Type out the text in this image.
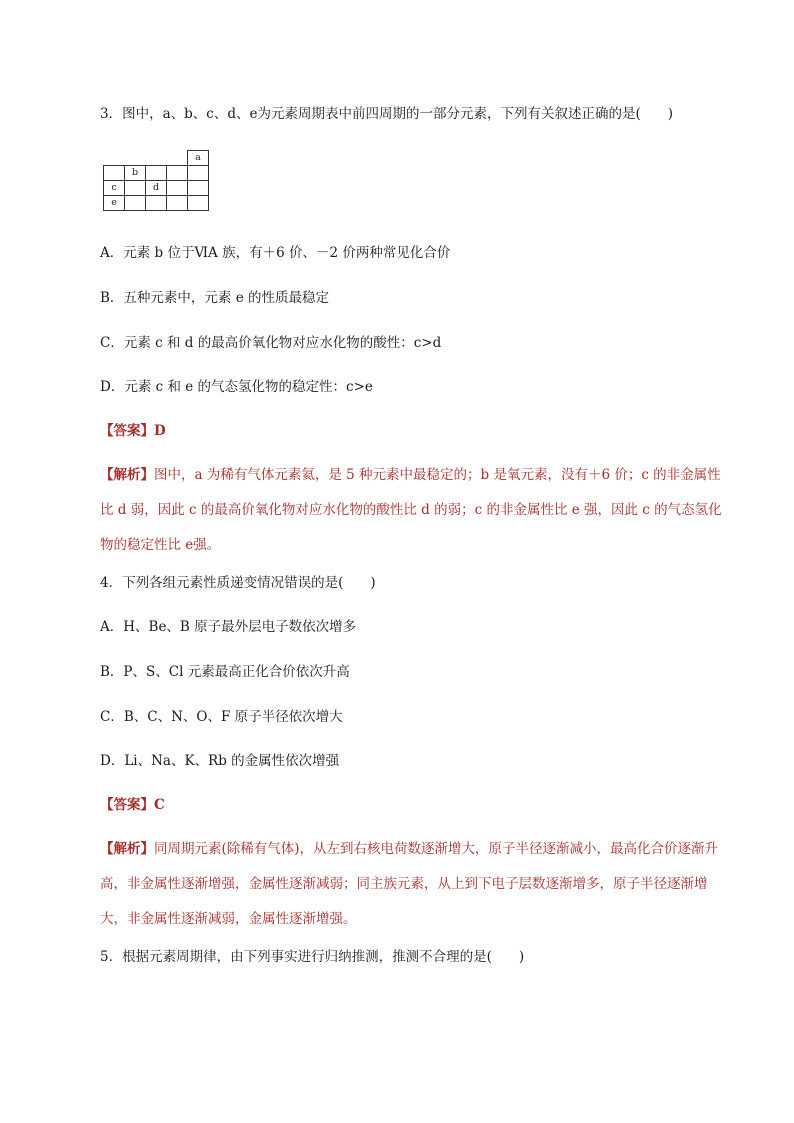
3．图中，a、b、c、d、e为元素周期表中前四周期的一部分元素，下列有关叙述正确的是(　　)
				a
	b			
c		d		
e				
A．元素 b 位于ⅥA 族，有＋6 价、－2 价两种常见化合价
B．五种元素中，元素 e 的性质最稳定
C．元素 c 和 d 的最高价氧化物对应水化物的酸性：c>d
D．元素 c 和 e 的气态氢化物的稳定性：c>e
【答案】D
【解析】图中，a 为稀有气体元素氦，是 5 种元素中最稳定的；b 是氧元素，没有＋6 价；c 的非金属性比 d 弱，因此 c 的最高价氧化物对应水化物的酸性比 d 的弱；c 的非金属性比 e 强，因此 c 的气态氢化物的稳定性比 e强。
4．下列各组元素性质递变情况错误的是(　　)
A．H、Be、B 原子最外层电子数依次增多
B．P、S、Cl 元素最高正化合价依次升高
C．B、C、N、O、F 原子半径依次增大
D．Li、Na、K、Rb 的金属性依次增强
【答案】C
【解析】同周期元素(除稀有气体)，从左到右核电荷数逐渐增大，原子半径逐渐减小，最高化合价逐渐升高，非金属性逐渐增强，金属性逐渐减弱；同主族元素，从上到下电子层数逐渐增多，原子半径逐渐增大，非金属性逐渐减弱，金属性逐渐增强。
5．根据元素周期律，由下列事实进行归纳推测，推测不合理的是(　　)
